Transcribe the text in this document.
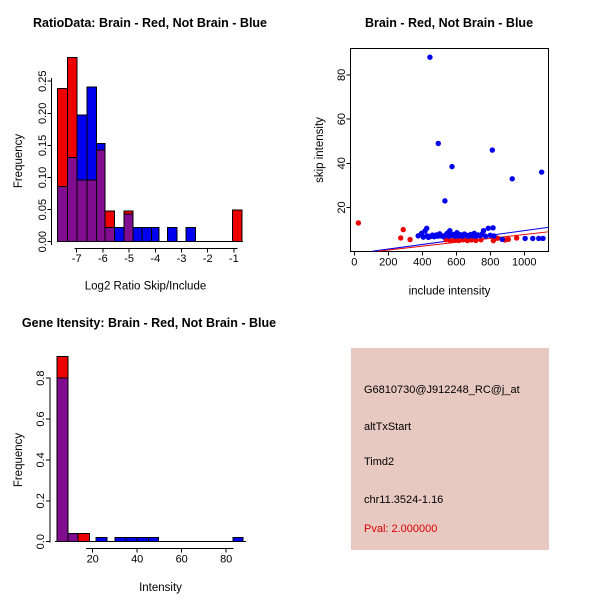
RatioData: Brain - Red, Not Brain - Blue	Brain - Red, Not Brain - Blue
Gene Itensity: Brain - Red, Not Brain - Blue
-7 -6 -5 -4 -3 -2 -1
0.00
0.05
0.10
0.15
0.20
0.25
Log2 Ratio Skip/Include
Frequency
0 200 400 600 800 1000
20
40
60
80
include intensity
skip intensity
20	40	60	80
0.0
0.2
0.4
0.6
0.8
Intensity
Frequency
G6810730@J912248_RC@j_at
altTxStart
Timd2
chr11.3524-1.16
Pval: 2.000000
